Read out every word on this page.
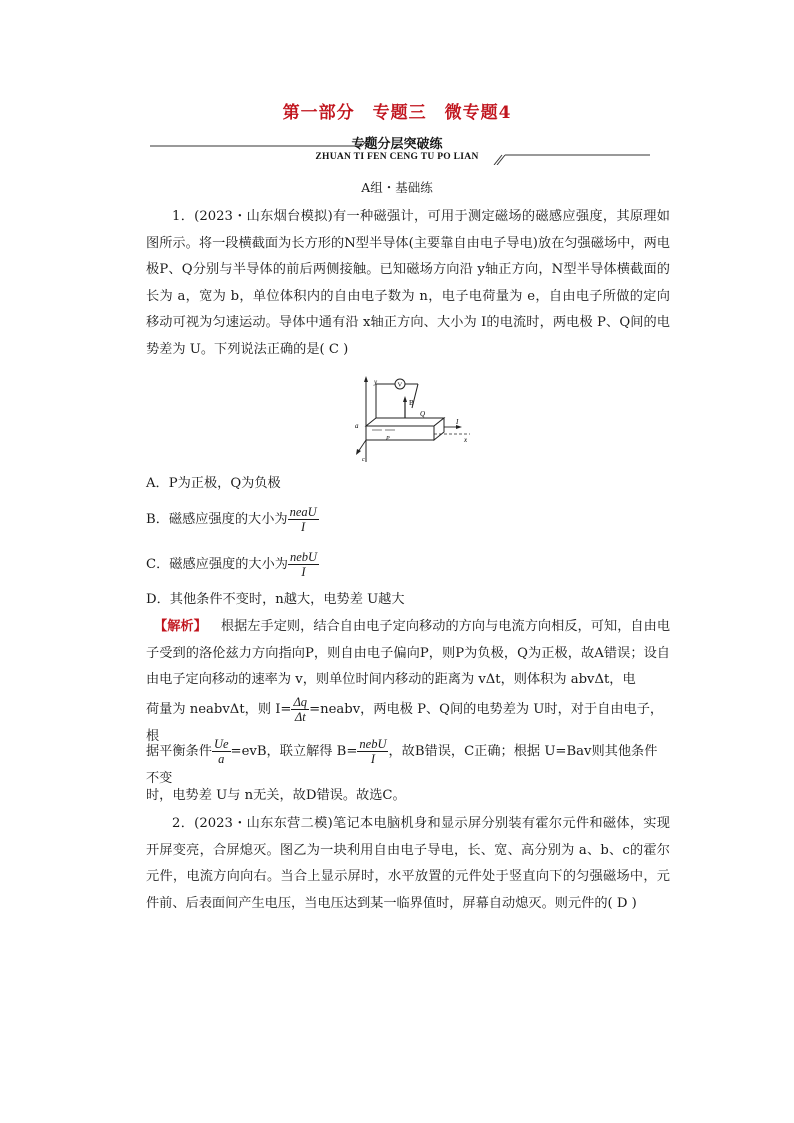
第一部分 专题三 微专题4
专题分层突破练
ZHUAN TI FEN CENG TU PO LIAN
A组・基础练
1．(2023・山东烟台模拟)有一种磁强计，可用于测定磁场的磁感应强度，其原理如图所示。将一段横截面为长方形的N型半导体(主要靠自由电子导电)放在匀强磁场中，两电极P、Q分别与半导体的前后两侧接触。已知磁场方向沿 y轴正方向，N型半导体横截面的长为 a，宽为 b，单位体积内的自由电子数为 n，电子电荷量为 e，自由电子所做的定向移动可视为匀速运动。导体中通有沿 x轴正方向、大小为 I的电流时，两电极 P、Q间的电势差为 U。下列说法正确的是( C )
y	V
B
Q
I
x
a
P
c
A．P为正极，Q为负极
B．磁感应强度的大小为 $\frac{\text{neaU}}{I}$
C．磁感应强度的大小为 $\frac{\text{nebU}}{I}$
D．其他条件不变时，n越大，电势差 U越大
【解析】 根据左手定则，结合自由电子定向移动的方向与电流方向相反，可知，自由电子受到的洛伦兹力方向指向P，则自由电子偏向P，则P为负极，Q为正极，故A错误；设自由电子定向移动的速率为 v，则单位时间内移动的距离为 vΔt，则体积为 abvΔt，电
荷量为 neabvΔt，则 $I= \frac{\Delta q}{\Delta t}$ =neabv，两电极 P、Q间的电势差为 U时，对于自由电子，根
据平衡条件 $\frac{Ue}{a} =evB$，联立解得 $B= \frac{\text{nebU}}{I}$ ，故B错误，C正确；根据 U=Bav则其他条件不变
时，电势差 U与 n无关，故D错误。故选C。
2．(2023・山东东营二模)笔记本电脑机身和显示屏分别装有霍尔元件和磁体，实现开屏变亮，合屏熄灭。图乙为一块利用自由电子导电，长、宽、高分别为 a、b、c的霍尔元件，电流方向向右。当合上显示屏时，水平放置的元件处于竖直向下的匀强磁场中，元件前、后表面间产生电压，当电压达到某一临界值时，屏幕自动熄灭。则元件的( D )
